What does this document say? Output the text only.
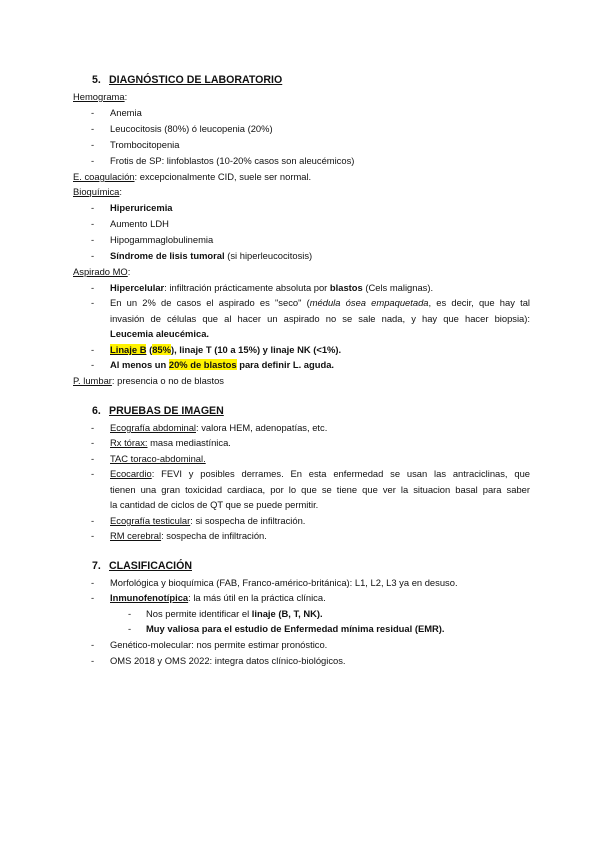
5. DIAGNÓSTICO DE LABORATORIO
Hemograma:
-	Anemia
-	Leucocitosis (80%) ó leucopenia (20%)
-	Trombocitopenia
-	Frotis de SP: linfoblastos (10-20% casos son aleucémicos)
E. coagulación: excepcionalmente CID, suele ser normal.
Bioquímica:
-	Hiperuricemia
-	Aumento LDH
-	Hipogammaglobulinemia
-	Síndrome de lisis tumoral (si hiperleucocitosis)
Aspirado MO:
-	Hipercelular: infiltración prácticamente absoluta por blastos (Cels malignas).
-	En un 2% de casos el aspirado es "seco" (médula ósea empaquetada, es decir, que hay tal
invasión de células que al hacer un aspirado no se sale nada, y hay que hacer biopsia):
Leucemia aleucémica.
-	Linaje B (85%), linaje T (10 a 15%) y linaje NK (<1%).
-	Al menos un 20% de blastos para definir L. aguda.
P. lumbar: presencia o no de blastos
6. PRUEBAS DE IMAGEN
-	Ecografía abdominal: valora HEM, adenopatías, etc.
-	Rx tórax: masa mediastínica.
-	TAC toraco-abdominal.
-	Ecocardio: FEVI y posibles derrames. En esta enfermedad se usan las antraciclinas, que
tienen una gran toxicidad cardiaca, por lo que se tiene que ver la situacion basal para saber
la cantidad de ciclos de QT que se puede permitir.
-	Ecografía testicular: si sospecha de infiltración.
-	RM cerebral: sospecha de infiltración.
7. CLASIFICACIÓN
-	Morfológica y bioquímica (FAB, Franco-américo-británica): L1, L2, L3 ya en desuso.
-	Inmunofenotípica: la más útil en la práctica clínica.
-	Nos permite identificar el linaje (B, T, NK).
-	Muy valiosa para el estudio de Enfermedad mínima residual (EMR).
-	Genético-molecular: nos permite estimar pronóstico.
-	OMS 2018 y OMS 2022: integra datos clínico-biológicos.
